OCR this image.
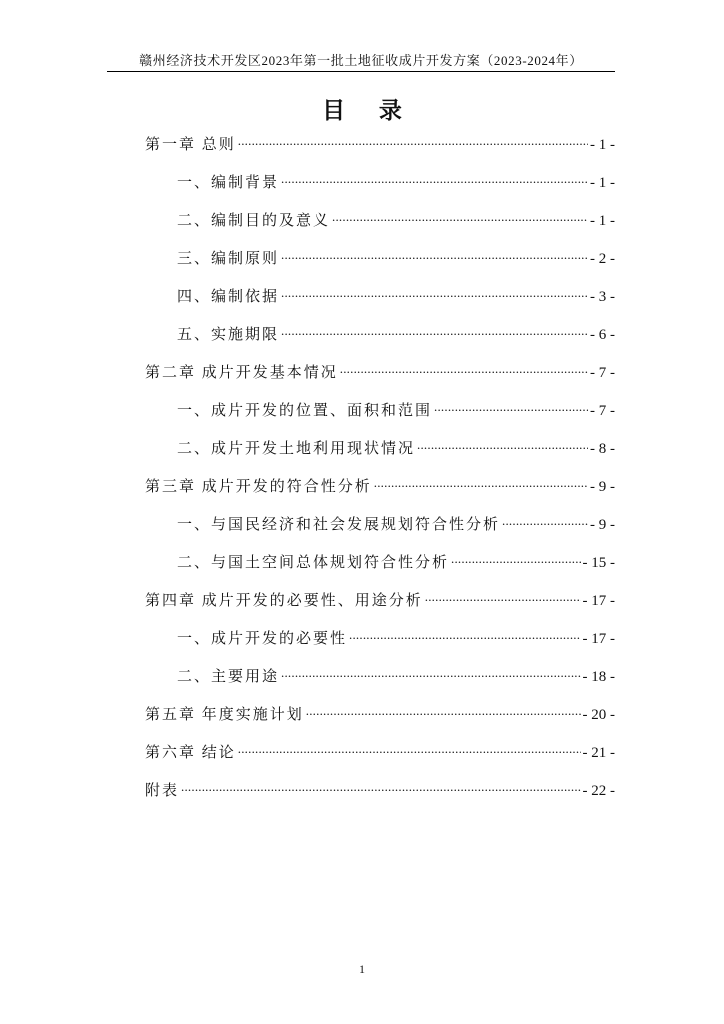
赣州经济技术开发区2023年第一批土地征收成片开发方案（2023-2024年）
目 录
第一章 总则 .....	- 1 -
一、编制背景 .....	- 1 -
二、编制目的及意义 .....	- 1 -
三、编制原则 .....	- 2 -
四、编制依据 .....	- 3 -
五、实施期限 .....	- 6 -
第二章 成片开发基本情况 .....	- 7 -
一、成片开发的位置、面积和范围 .....	- 7 -
二、成片开发土地利用现状情况 .....	- 8 -
第三章 成片开发的符合性分析 .....	- 9 -
一、与国民经济和社会发展规划符合性分析 .....	- 9 -
二、与国土空间总体规划符合性分析 .....	- 15 -
第四章 成片开发的必要性、用途分析 .....	- 17 -
一、成片开发的必要性 .....	- 17 -
二、主要用途 .....	- 18 -
第五章 年度实施计划 .....	- 20 -
第六章 结论 .....	- 21 -
附表 .....	- 22 -
1
